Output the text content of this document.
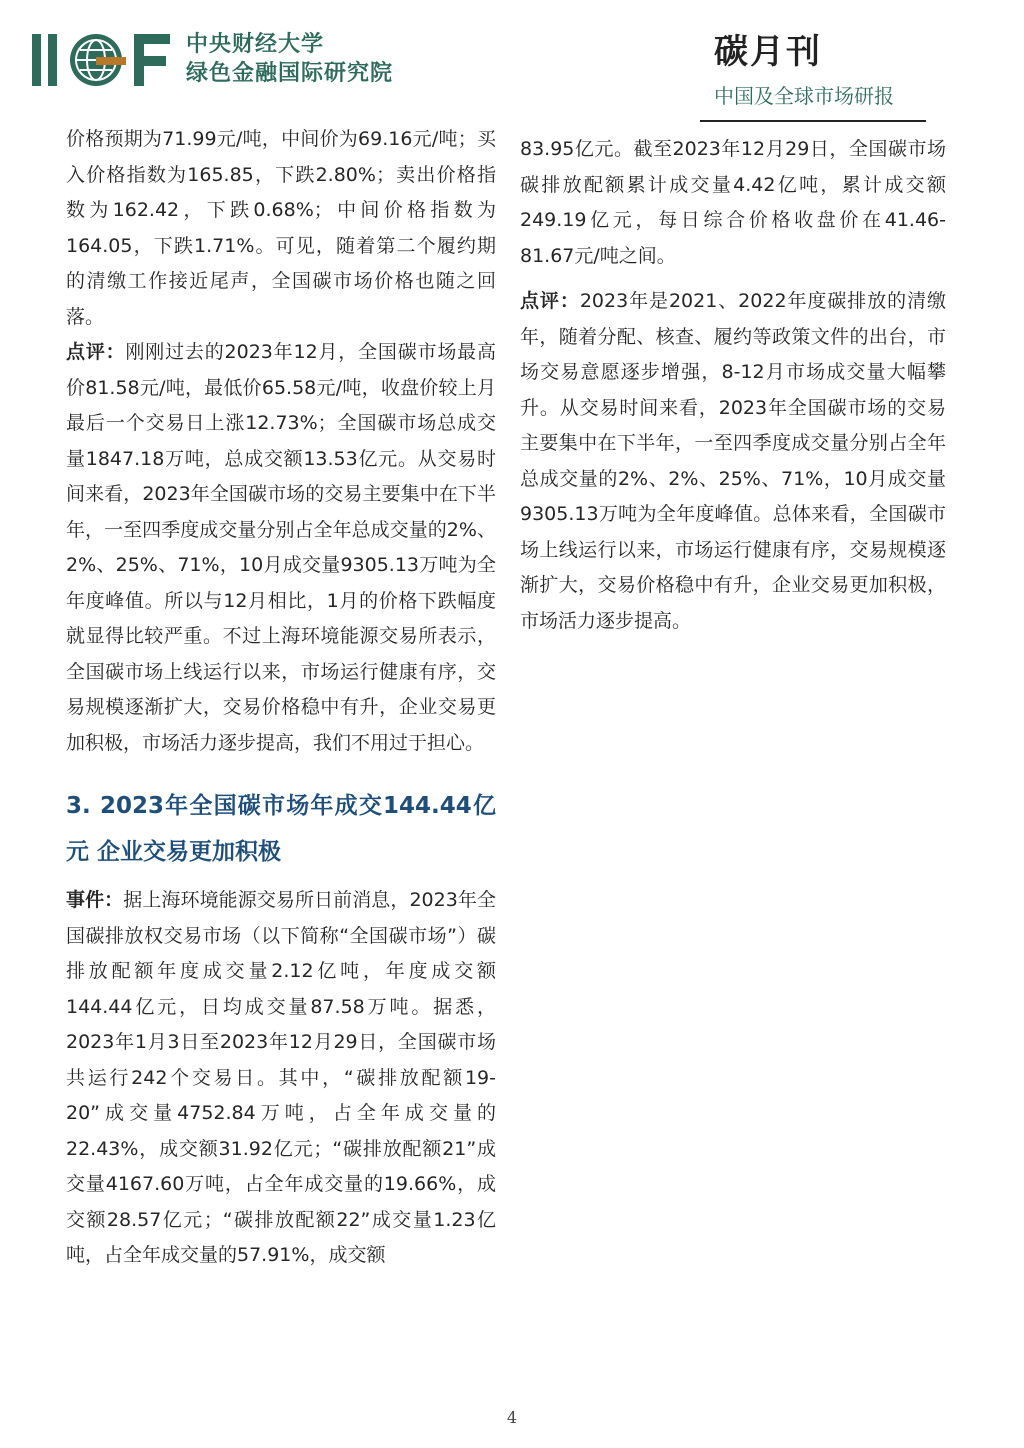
中央财经大学
绿色金融国际研究院
碳月刊
中国及全球市场研报

价格预期为71.99元/吨，中间价为69.16元/吨；买入价格指数为165.85，下跌2.80%；卖出价格指数为162.42，下跌0.68%；中间价格指数为164.05，下跌1.71%。可见，随着第二个履约期的清缴工作接近尾声，全国碳市场价格也随之回落。

点评：刚刚过去的2023年12月，全国碳市场最高价81.58元/吨，最低价65.58元/吨，收盘价较上月最后一个交易日上涨12.73%；全国碳市场总成交量1847.18万吨，总成交额13.53亿元。从交易时间来看，2023年全国碳市场的交易主要集中在下半年，一至四季度成交量分别占全年总成交量的2%、2%、25%、71%，10月成交量9305.13万吨为全年度峰值。所以与12月相比，1月的价格下跌幅度就显得比较严重。不过上海环境能源交易所表示，全国碳市场上线运行以来，市场运行健康有序，交易规模逐渐扩大，交易价格稳中有升，企业交易更加积极，市场活力逐步提高，我们不用过于担心。

3. 2023年全国碳市场年成交144.44亿元 企业交易更加积极

事件：据上海环境能源交易所日前消息，2023年全国碳排放权交易市场（以下简称“全国碳市场”）碳排放配额年度成交量2.12亿吨，年度成交额144.44亿元，日均成交量87.58万吨。据悉，2023年1月3日至2023年12月29日，全国碳市场共运行242个交易日。其中，“碳排放配额19-20”成交量4752.84万吨，占全年成交量的22.43%，成交额31.92亿元；“碳排放配额21”成交量4167.60万吨，占全年成交量的19.66%，成交额28.57亿元；“碳排放配额22”成交量1.23亿吨，占全年成交量的57.91%，成交额

83.95亿元。截至2023年12月29日，全国碳市场碳排放配额累计成交量4.42亿吨，累计成交额249.19亿元，每日综合价格收盘价在41.46-81.67元/吨之间。

点评：2023年是2021、2022年度碳排放的清缴年，随着分配、核查、履约等政策文件的出台，市场交易意愿逐步增强，8-12月市场成交量大幅攀升。从交易时间来看，2023年全国碳市场的交易主要集中在下半年，一至四季度成交量分别占全年总成交量的2%、2%、25%、71%，10月成交量9305.13万吨为全年度峰值。总体来看，全国碳市场上线运行以来，市场运行健康有序，交易规模逐渐扩大，交易价格稳中有升，企业交易更加积极，市场活力逐步提高。

4
